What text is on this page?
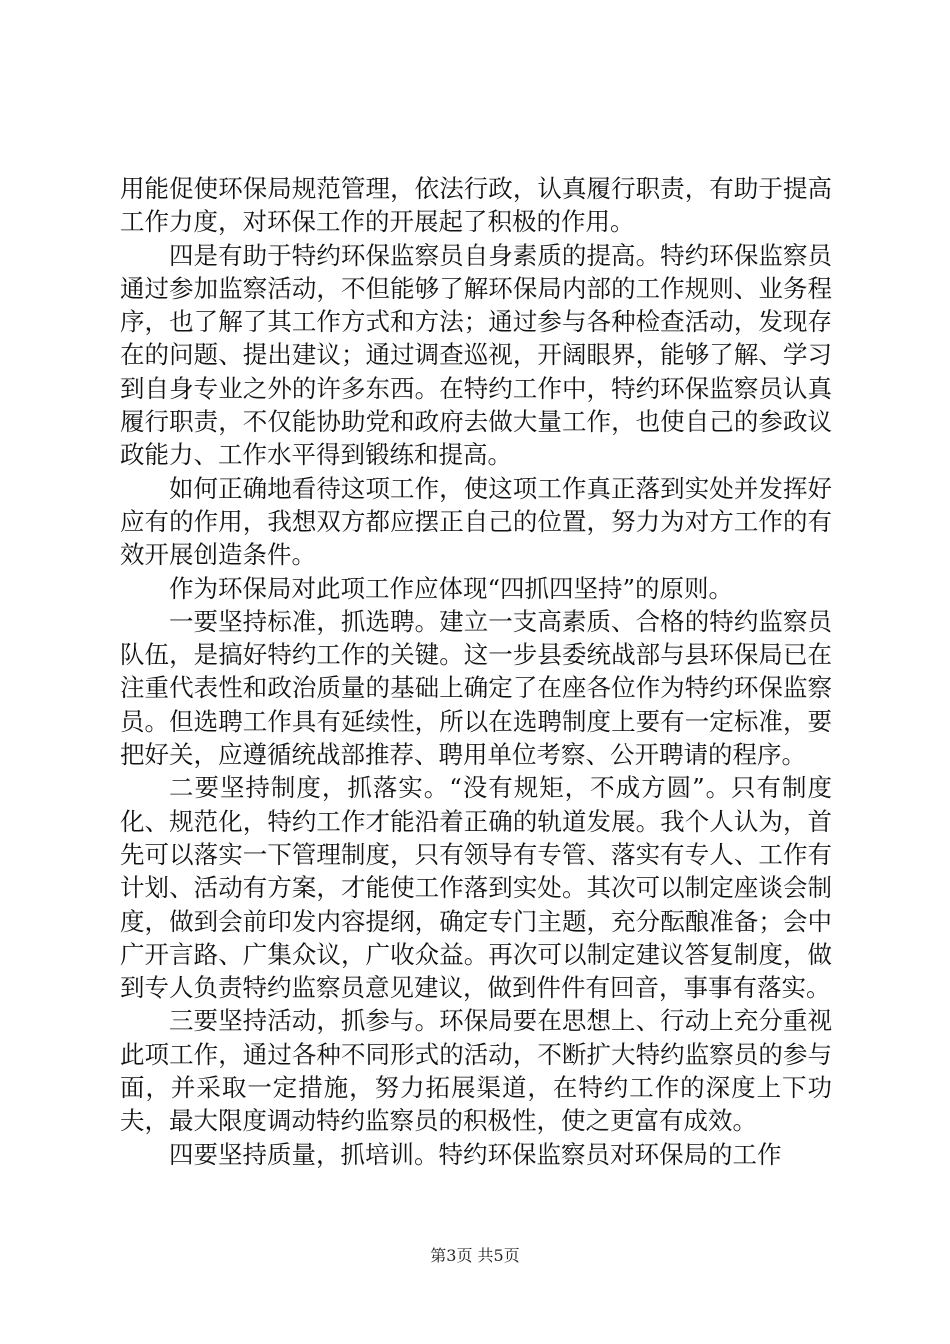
用能促使环保局规范管理，依法行政，认真履行职责，有助于提高工作力度，对环保工作的开展起了积极的作用。

四是有助于特约环保监察员自身素质的提高。特约环保监察员通过参加监察活动，不但能够了解环保局内部的工作规则、业务程序，也了解了其工作方式和方法；通过参与各种检查活动，发现存在的问题、提出建议；通过调查巡视，开阔眼界，能够了解、学习到自身专业之外的许多东西。在特约工作中，特约环保监察员认真履行职责，不仅能协助党和政府去做大量工作，也使自己的参政议政能力、工作水平得到锻练和提高。

如何正确地看待这项工作，使这项工作真正落到实处并发挥好应有的作用，我想双方都应摆正自己的位置，努力为对方工作的有效开展创造条件。

作为环保局对此项工作应体现“四抓四坚持”的原则。

一要坚持标准，抓选聘。建立一支高素质、合格的特约监察员队伍，是搞好特约工作的关键。这一步县委统战部与县环保局已在注重代表性和政治质量的基础上确定了在座各位作为特约环保监察员。但选聘工作具有延续性，所以在选聘制度上要有一定标准，要把好关，应遵循统战部推荐、聘用单位考察、公开聘请的程序。

二要坚持制度，抓落实。“没有规矩，不成方圆”。只有制度化、规范化，特约工作才能沿着正确的轨道发展。我个人认为，首先可以落实一下管理制度，只有领导有专管、落实有专人、工作有计划、活动有方案，才能使工作落到实处。其次可以制定座谈会制度，做到会前印发内容提纲，确定专门主题，充分酝酿准备；会中广开言路、广集众议，广收众益。再次可以制定建议答复制度，做到专人负责特约监察员意见建议，做到件件有回音，事事有落实。

三要坚持活动，抓参与。环保局要在思想上、行动上充分重视此项工作，通过各种不同形式的活动，不断扩大特约监察员的参与面，并采取一定措施，努力拓展渠道，在特约工作的深度上下功夫，最大限度调动特约监察员的积极性，使之更富有成效。

四要坚持质量，抓培训。特约环保监察员对环保局的工作

第3页 共5页
